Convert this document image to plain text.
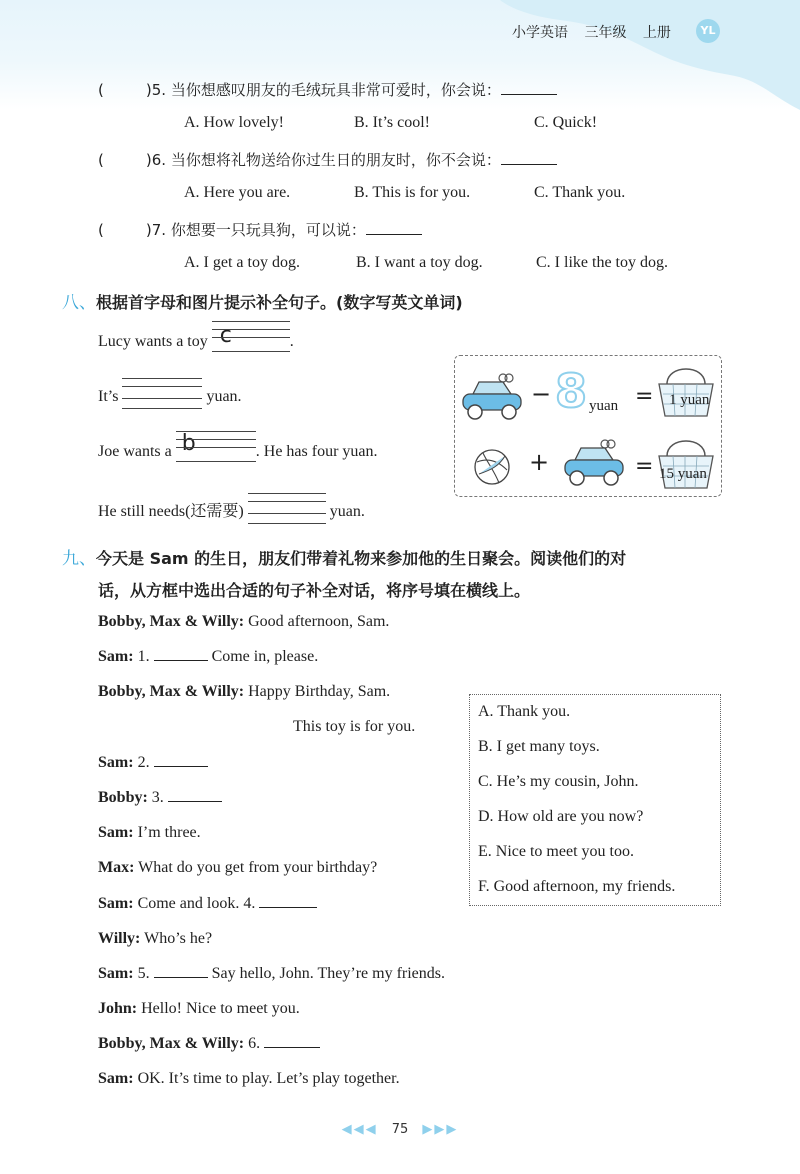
小学英语 三年级 上册	YL
(	)5. 当你想感叹朋友的毛绒玩具非常可爱时，你会说：
A. How lovely!	B. It’s cool!	C. Quick!
(	)6. 当你想将礼物送给你过生日的朋友时，你不会说：
A. Here you are.	B. This is for you.	C. Thank you.
(	)7. 你想要一只玩具狗，可以说：
A. I get a toy dog.	B. I want a toy dog.	C. I like the toy dog.
八、根据首字母和图片提示补全句子。(数字写英文单词)
Lucy wants a toy c	.
It’s	yuan.
Joe wants a b	. He has four yuan.
He still needs(还需要)	yuan.
− 8 yuan = 1 yuan
+	= 15 yuan
九、今天是 Sam 的生日，朋友们带着礼物来参加他的生日聚会。阅读他们的对
话，从方框中选出合适的句子补全对话，将序号填在横线上。
Bobby, Max & Willy: Good afternoon, Sam.
Sam: 1.	Come in, please.
Bobby, Max & Willy: Happy Birthday, Sam.
This toy is for you.
Sam: 2.
Bobby: 3.
Sam: I’m three.
Max: What do you get from your birthday?
Sam: Come and look. 4.
Willy: Who’s he?
Sam: 5.	Say hello, John. They’re my friends.
John: Hello! Nice to meet you.
Bobby, Max & Willy: 6.
Sam: OK. It’s time to play. Let’s play together.
A. Thank you.
B. I get many toys.
C. He’s my cousin, John.
D. How old are you now?
E. Nice to meet you too.
F. Good afternoon, my friends.
◀◀◀ 75 ▶▶▶
